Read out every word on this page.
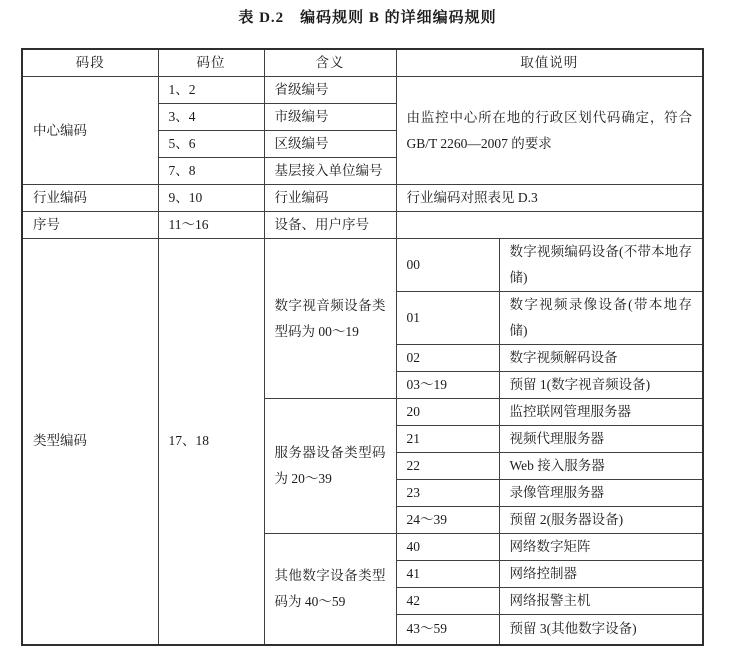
表 D.2　编码规则 B 的详细编码规则
码段	码位	含义	取值说明	
中心编码	1、2	省级编号	由监控中心所在地的行政区划代码确定，符合 GB/T 2260—2007 的要求	
	3、4	市级编号		
	5、6	区级编号		
	7、8	基层接入单位编号		
行业编码	9、10	行业编码	行业编码对照表见 D.3	
序号	11～16	设备、用户序号		
类型编码	17、18	数字视音频设备类型码为 00～19	00	数字视频编码设备(不带本地存储)
			01	数字视频录像设备(带本地存储)
			02	数字视频解码设备
			03～19	预留 1(数字视音频设备)
		服务器设备类型码为 20～39	20	监控联网管理服务器
			21	视频代理服务器
			22	Web 接入服务器
			23	录像管理服务器
			24～39	预留 2(服务器设备)
		其他数字设备类型码为 40～59	40	网络数字矩阵
			41	网络控制器
			42	网络报警主机
			43～59	预留 3(其他数字设备)
